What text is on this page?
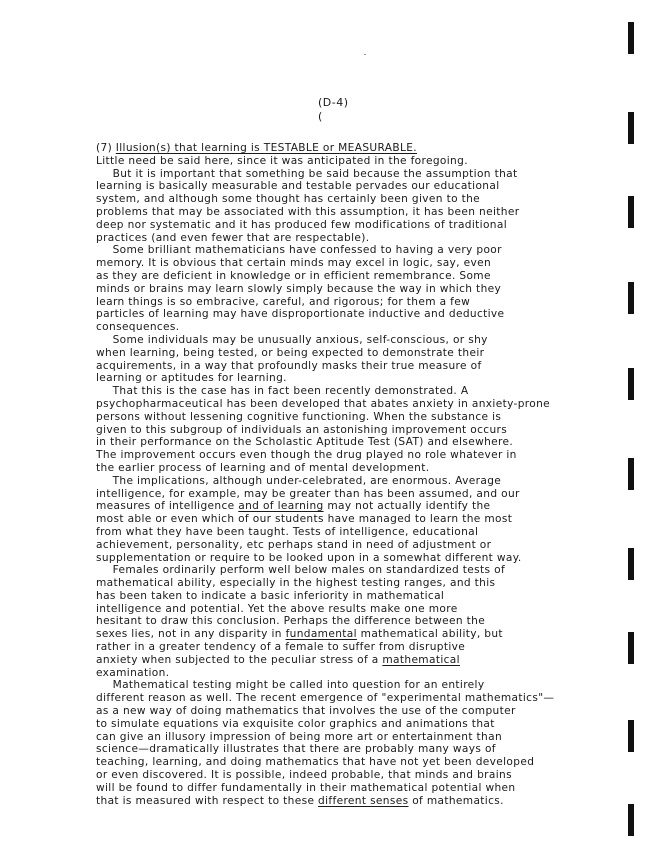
(D-4)
(
(7) Illusion(s) that learning is TESTABLE or MEASURABLE.
Little need be said here, since it was anticipated in the foregoing.
  But it is important that something be said because the assumption that
learning is basically measurable and testable pervades our educational
system, and although some thought has certainly been given to the
problems that may be associated with this assumption, it has been neither
deep nor systematic and it has produced few modifications of traditional
practices (and even fewer that are respectable).
  Some brilliant mathematicians have confessed to having a very poor
memory. It is obvious that certain minds may excel in logic, say, even
as they are deficient in knowledge or in efficient remembrance. Some
minds or brains may learn slowly simply because the way in which they
learn things is so embracive, careful, and rigorous; for them a few
particles of learning may have disproportionate inductive and deductive
consequences.
  Some individuals may be unusually anxious, self-conscious, or shy
when learning, being tested, or being expected to demonstrate their
acquirements, in a way that profoundly masks their true measure of
learning or aptitudes for learning.
  That this is the case has in fact been recently demonstrated. A
psychopharmaceutical has been developed that abates anxiety in anxiety-prone
persons without lessening cognitive functioning. When the substance is
given to this subgroup of individuals an astonishing improvement occurs
in their performance on the Scholastic Aptitude Test (SAT) and elsewhere.
The improvement occurs even though the drug played no role whatever in
the earlier process of learning and of mental development.
  The implications, although under-celebrated, are enormous. Average
intelligence, for example, may be greater than has been assumed, and our
measures of intelligence and of learning may not actually identify the
most able or even which of our students have managed to learn the most
from what they have been taught. Tests of intelligence, educational
achievement, personality, etc perhaps stand in need of adjustment or
supplementation or require to be looked upon in a somewhat different way.
  Females ordinarily perform well below males on standardized tests of
mathematical ability, especially in the highest testing ranges, and this
has been taken to indicate a basic inferiority in mathematical
intelligence and potential. Yet the above results make one more
hesitant to draw this conclusion. Perhaps the difference between the
sexes lies, not in any disparity in fundamental mathematical ability, but
rather in a greater tendency of a female to suffer from disruptive
anxiety when subjected to the peculiar stress of a mathematical
examination.
  Mathematical testing might be called into question for an entirely
different reason as well. The recent emergence of "experimental mathematics"—
as a new way of doing mathematics that involves the use of the computer
to simulate equations via exquisite color graphics and animations that
can give an illusory impression of being more art or entertainment than
science—dramatically illustrates that there are probably many ways of
teaching, learning, and doing mathematics that have not yet been developed
or even discovered. It is possible, indeed probable, that minds and brains
will be found to differ fundamentally in their mathematical potential when
that is measured with respect to these different senses of mathematics.
